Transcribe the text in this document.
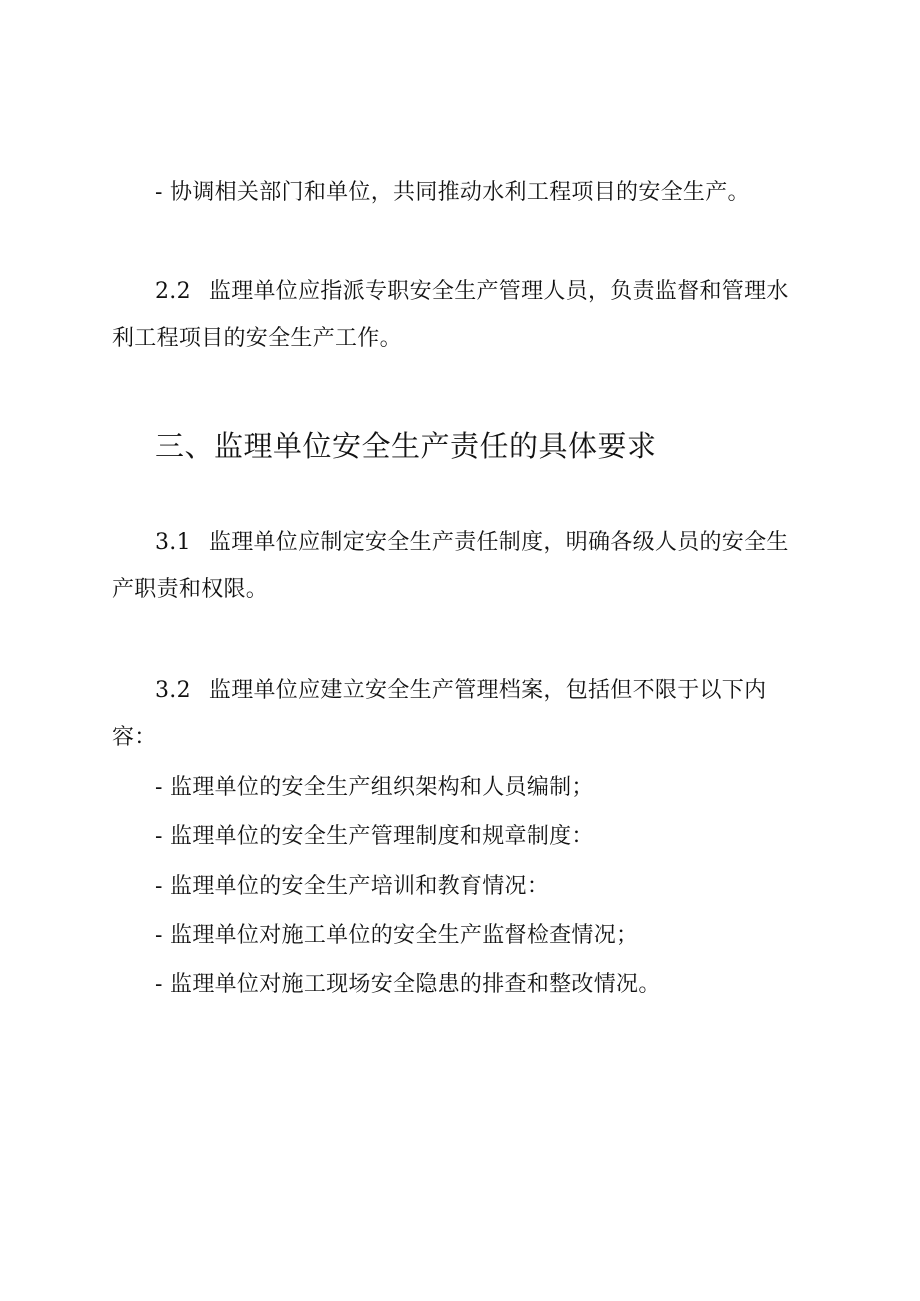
- 协调相关部门和单位，共同推动水利工程项目的安全生产。
2.2 监理单位应指派专职安全生产管理人员，负责监督和管理水
利工程项目的安全生产工作。
三、监理单位安全生产责任的具体要求
3.1 监理单位应制定安全生产责任制度，明确各级人员的安全生
产职责和权限。
3.2 监理单位应建立安全生产管理档案，包括但不限于以下内
容：
- 监理单位的安全生产组织架构和人员编制；
- 监理单位的安全生产管理制度和规章制度：
- 监理单位的安全生产培训和教育情况：
- 监理单位对施工单位的安全生产监督检查情况；
- 监理单位对施工现场安全隐患的排查和整改情况。
